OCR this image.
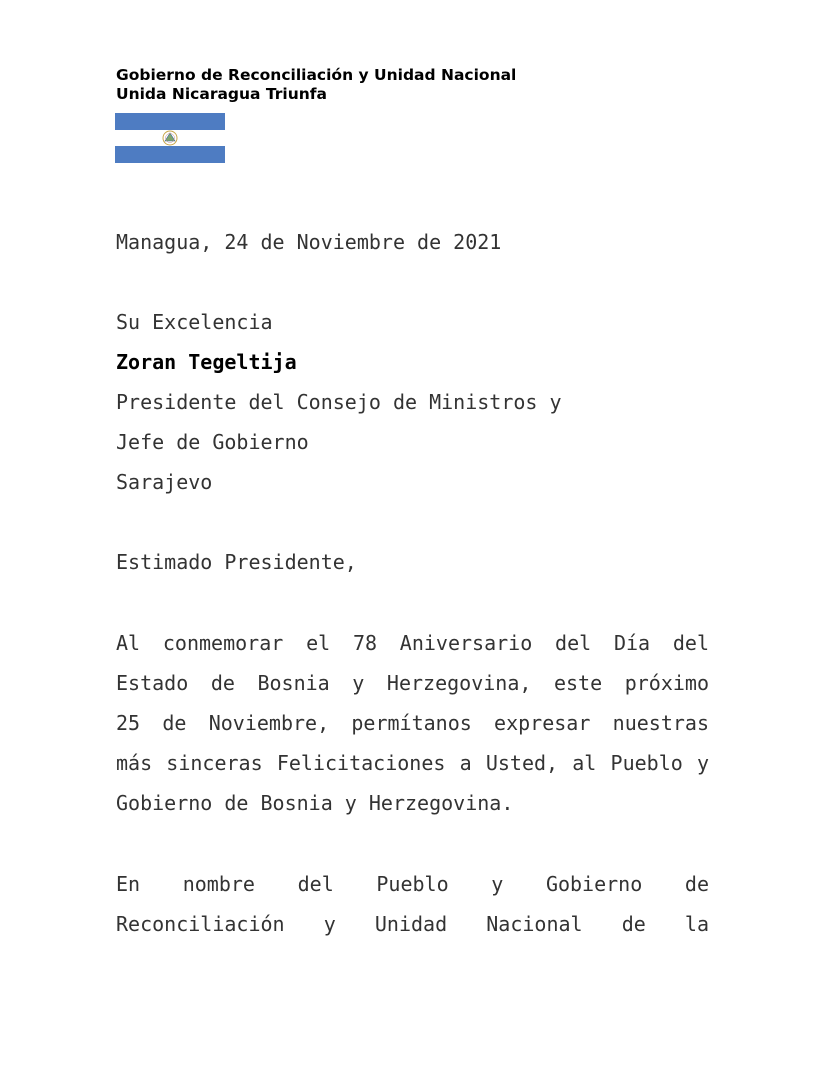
Gobierno de Reconciliación y Unidad Nacional
Unida Nicaragua Triunfa
Managua, 24 de Noviembre de 2021
Su Excelencia
Zoran Tegeltija
Presidente del Consejo de Ministros y
Jefe de Gobierno
Sarajevo
Estimado Presidente,
Al conmemorar el 78 Aniversario del Día del
Estado de Bosnia y Herzegovina, este próximo
25 de Noviembre, permítanos expresar nuestras
más sinceras Felicitaciones a Usted, al Pueblo y
Gobierno de Bosnia y Herzegovina.
En nombre del Pueblo y Gobierno de
Reconciliación y Unidad Nacional de la
